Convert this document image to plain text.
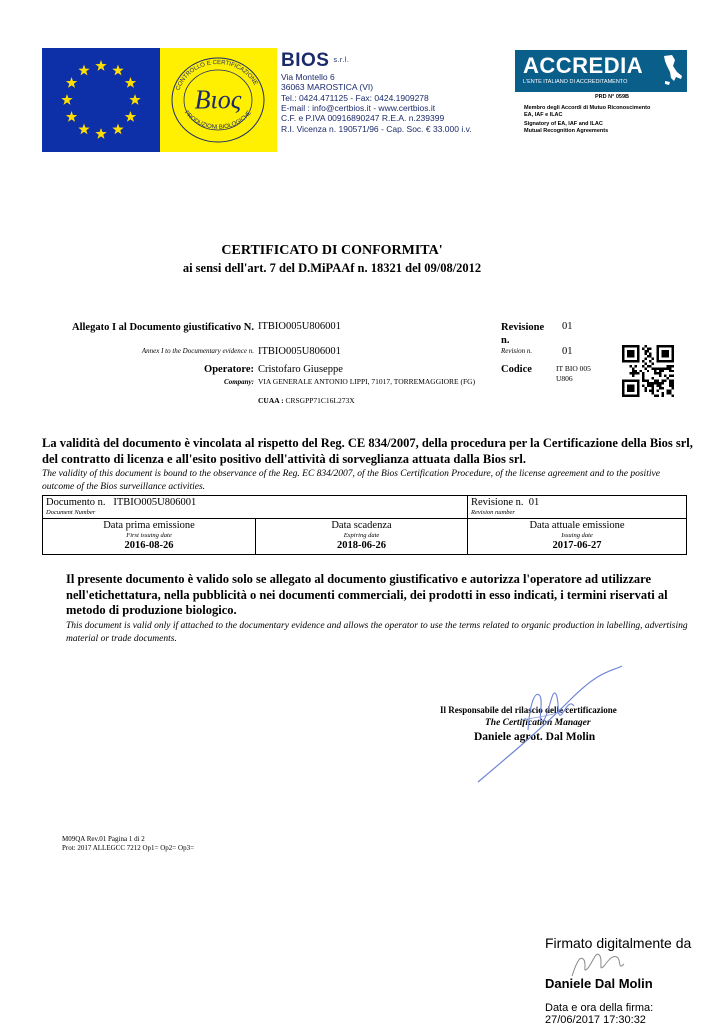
CONTROLLO E CERTIFICAZIONE
PRODUZIONI BIOLOGICHE
Βιος
BIOS s.r.l.
Via Montello 6
36063 MAROSTICA (VI)
Tel.: 0424.471125 - Fax: 0424.1909278
E-mail : info@certbios.it - www.certbios.it
C.F. e P.IVA 00916890247 R.E.A. n.239399
R.I. Vicenza n. 190571/96 - Cap. Soc. € 33.000 i.v.
ACCREDIA
L'ENTE ITALIANO DI ACCREDITAMENTO
PRD N° 059B
Membro degli Accordi di Mutuo Riconoscimento
EA, IAF e ILAC
Signatory of EA, IAF and ILAC
Mutual Recognition Agreements
CERTIFICATO DI CONFORMITA'
ai sensi dell'art. 7 del D.MiPAAf n. 18321 del 09/08/2012
Allegato I al Documento giustificativo N. ITBIO005U806001
Annex I to the Documentary evidence n. ITBIO005U806001
Revisione n.
01
Revision n.	01
Operatore: Cristofaro Giuseppe
Company: VIA GENERALE ANTONIO LIPPI, 71017, TORREMAGGIORE (FG)
CUAA : CRSGPP71C16L273X
Codice	IT BIO 005 U806
La validità del documento è vincolata al rispetto del Reg. CE 834/2007, della procedura per la Certificazione della Bios srl, del contratto di licenza e all'esito positivo dell'attività di sorveglianza attuata dalla Bios srl.
The validity of this document is bound to the observance of the Reg. EC 834/2007, of the Bios Certification Procedure, of the license agreement and to the positive outcome of the Bios surveillance activities.
Documento n. ITBIO005U806001
Document Number
Revisione n. 01
Revision number
Data prima emissione
First issuing date
2016-08-26
Data scadenza
Expiring date
2018-06-26
Data attuale emissione
Issuing date
2017-06-27
Il presente documento è valido solo se allegato al documento giustificativo e autorizza l'operatore ad utilizzare nell'etichettatura, nella pubblicità o nei documenti commerciali, dei prodotti in esso indicati, i termini riservati al metodo di produzione biologico.
This document is valid only if attached to the documentary evidence and allows the operator to use the terms related to organic production in labelling, advertising material or trade documents.
Il Responsabile del rilascio delle certificazione
The Certification Manager
Daniele agrot. Dal Molin
M09QA Rev.01 Pagina 1 di 2
Prot: 2017 ALLEGCC 7212 Op1= Op2= Op3=
Firmato digitalmente da
Daniele Dal Molin
Data e ora della firma:
27/06/2017 17:30:32
